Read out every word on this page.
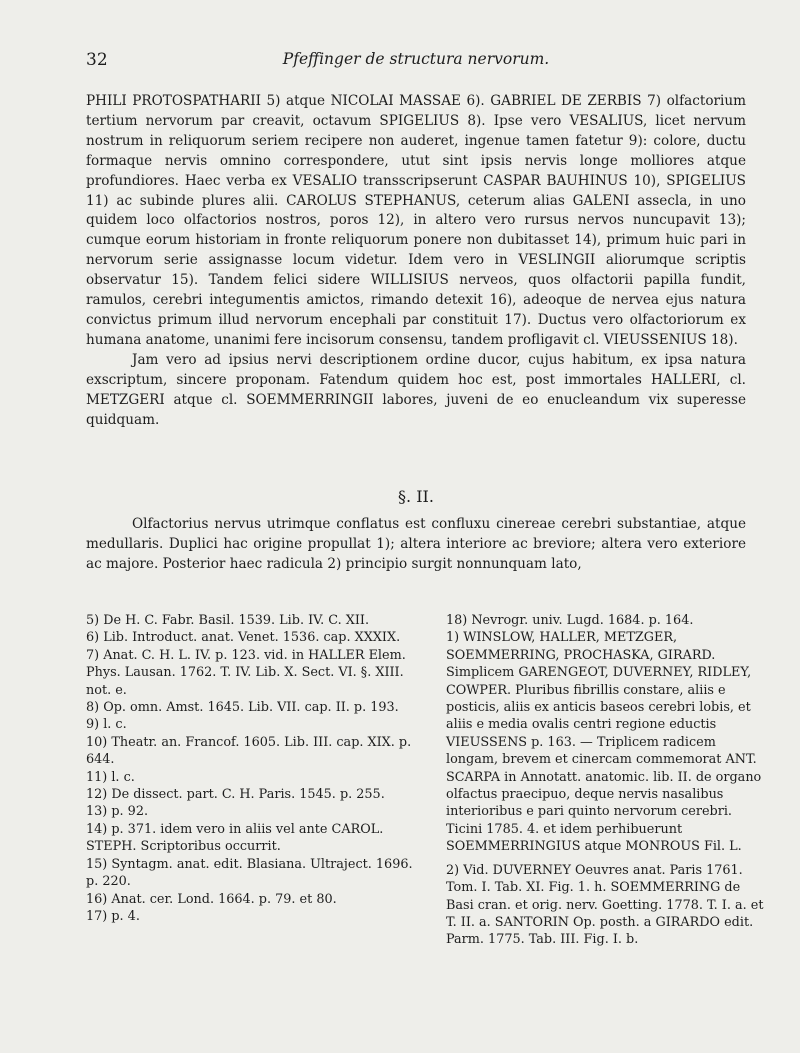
32	Pfeffinger de structura nervorum.

PHILI PROTOSPATHARII 5) atque NICOLAI MASSAE 6). GABRIEL DE ZERBIS 7) olfactorium tertium nervorum par creavit, octavum SPIGELIUS 8). Ipse vero VESALIUS, licet nervum nostrum in reliquorum seriem recipere non auderet, ingenue tamen fatetur 9): colore, ductu formaque nervis omnino correspondere, utut sint ipsis nervis longe molliores atque profundiores. Haec verba ex VESALIO transscripserunt CASPAR BAUHINUS 10), SPIGELIUS 11) ac subinde plures alii. CAROLUS STEPHANUS, ceterum alias GALENI assecla, in uno quidem loco olfactorios nostros, poros 12), in altero vero rursus nervos nuncupavit 13); cumque eorum historiam in fronte reliquorum ponere non dubitasset 14), primum huic pari in nervorum serie assignasse locum videtur. Idem vero in VESLINGII aliorumque scriptis observatur 15). Tandem felici sidere WILLISIUS nerveos, quos olfactorii papilla fundit, ramulos, cerebri integumentis amictos, rimando detexit 16), adeoque de nervea ejus natura convictus primum illud nervorum encephali par constituit 17). Ductus vero olfactoriorum ex humana anatome, unanimi fere incisorum consensu, tandem profligavit cl. VIEUSSENIUS 18).

Jam vero ad ipsius nervi descriptionem ordine ducor, cujus habitum, ex ipsa natura exscriptum, sincere proponam. Fatendum quidem hoc est, post immortales HALLERI, cl. METZGERI atque cl. SOEMMERRINGII labores, juveni de eo enucleandum vix superesse quidquam.

§. II.

Olfactorius nervus utrimque conflatus est confluxu cinereae cerebri substantiae, atque medullaris. Duplici hac origine propullat 1); altera interiore ac breviore; altera vero exteriore ac majore. Posterior haec radicula 2) principio surgit nonnunquam lato,

5) De H. C. Fabr. Basil. 1539. Lib. IV. C. XII.
6) Lib. Introduct. anat. Venet. 1536. cap. XXXIX.
7) Anat. C. H. L. IV. p. 123. vid. in HALLER Elem. Phys. Lausan. 1762. T. IV. Lib. X. Sect. VI. §. XIII. not. e.
8) Op. omn. Amst. 1645. Lib. VII. cap. II. p. 193.
9) l. c.
10) Theatr. an. Francof. 1605. Lib. III. cap. XIX. p. 644.
11) l. c.
12) De dissect. part. C. H. Paris. 1545. p. 255.
13) p. 92.
14) p. 371. idem vero in aliis vel ante CAROL. STEPH. Scriptoribus occurrit.
15) Syntagm. anat. edit. Blasiana. Ultraject. 1696. p. 220.
16) Anat. cer. Lond. 1664. p. 79. et 80.
17) p. 4.
18) Nevrogr. univ. Lugd. 1684. p. 164.
1) WINSLOW, HALLER, METZGER, SOEMMERRING, PROCHASKA, GIRARD. Simplicem GARENGEOT, DUVERNEY, RIDLEY, COWPER. Pluribus fibrillis constare, aliis e posticis, aliis ex anticis baseos cerebri lobis, et aliis e media ovalis centri regione eductis VIEUSSENS p. 163. — Triplicem radicem longam, brevem et cinercam commemorat ANT. SCARPA in Annotatt. anatomic. lib. II. de organo olfactus praecipuo, deque nervis nasalibus interioribus e pari quinto nervorum cerebri. Ticini 1785. 4. et idem perhibuerunt SOEMMERRINGIUS atque MONROUS Fil. L.
2) Vid. DUVERNEY Oeuvres anat. Paris 1761. Tom. I. Tab. XI. Fig. 1. h. SOEMMERRING de Basi cran. et orig. nerv. Goetting. 1778. T. I. a. et T. II. a. SANTORIN Op. posth. a GIRARDO edit. Parm. 1775. Tab. III. Fig. I. b.
